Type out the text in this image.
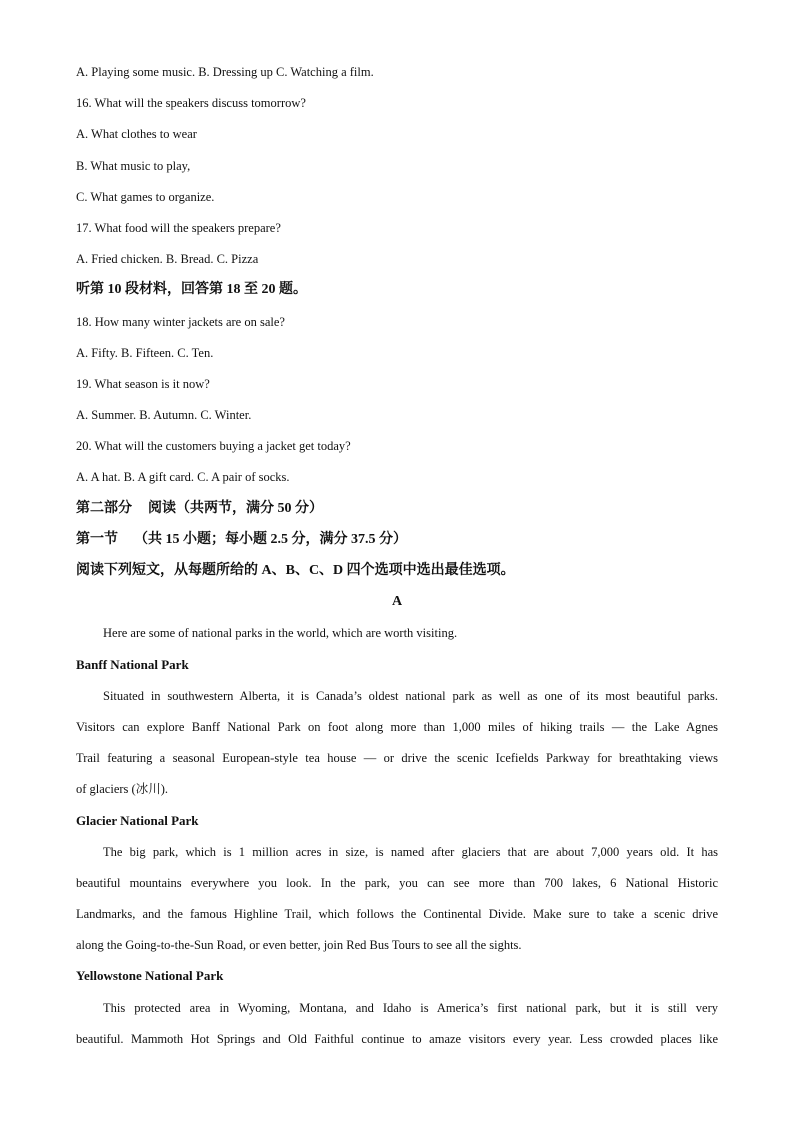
A. Playing some music. B. Dressing up C. Watching a film.
16. What will the speakers discuss tomorrow?
A. What clothes to wear
B. What music to play,
C. What games to organize.
17. What food will the speakers prepare?
A. Fried chicken. B. Bread. C. Pizza
听第 10 段材料，回答第 18 至 20 题。
18. How many winter jackets are on sale?
A. Fifty. B. Fifteen. C. Ten.
19. What season is it now?
A. Summer. B. Autumn. C. Winter.
20. What will the customers buying a jacket get today?
A. A hat. B. A gift card. C. A pair of socks.
第二部分 阅读（共两节，满分 50 分）
第一节 （共 15 小题；每小题 2.5 分，满分 37.5 分）
阅读下列短文，从每题所给的 A、B、C、D 四个选项中选出最佳选项。
A
Here are some of national parks in the world, which are worth visiting.
Banff National Park
Situated in southwestern Alberta, it is Canada’s oldest national park as well as one of its most beautiful parks.
Visitors can explore Banff National Park on foot along more than 1,000 miles of hiking trails — the Lake Agnes
Trail featuring a seasonal European-style tea house — or drive the scenic Icefields Parkway for breathtaking views
of glaciers (冰川).
Glacier National Park
The big park, which is 1 million acres in size, is named after glaciers that are about 7,000 years old. It has
beautiful mountains everywhere you look. In the park, you can see more than 700 lakes, 6 National Historic
Landmarks, and the famous Highline Trail, which follows the Continental Divide. Make sure to take a scenic drive
along the Going-to-the-Sun Road, or even better, join Red Bus Tours to see all the sights.
Yellowstone National Park
This protected area in Wyoming, Montana, and Idaho is America’s first national park, but it is still very
beautiful. Mammoth Hot Springs and Old Faithful continue to amaze visitors every year. Less crowded places like
